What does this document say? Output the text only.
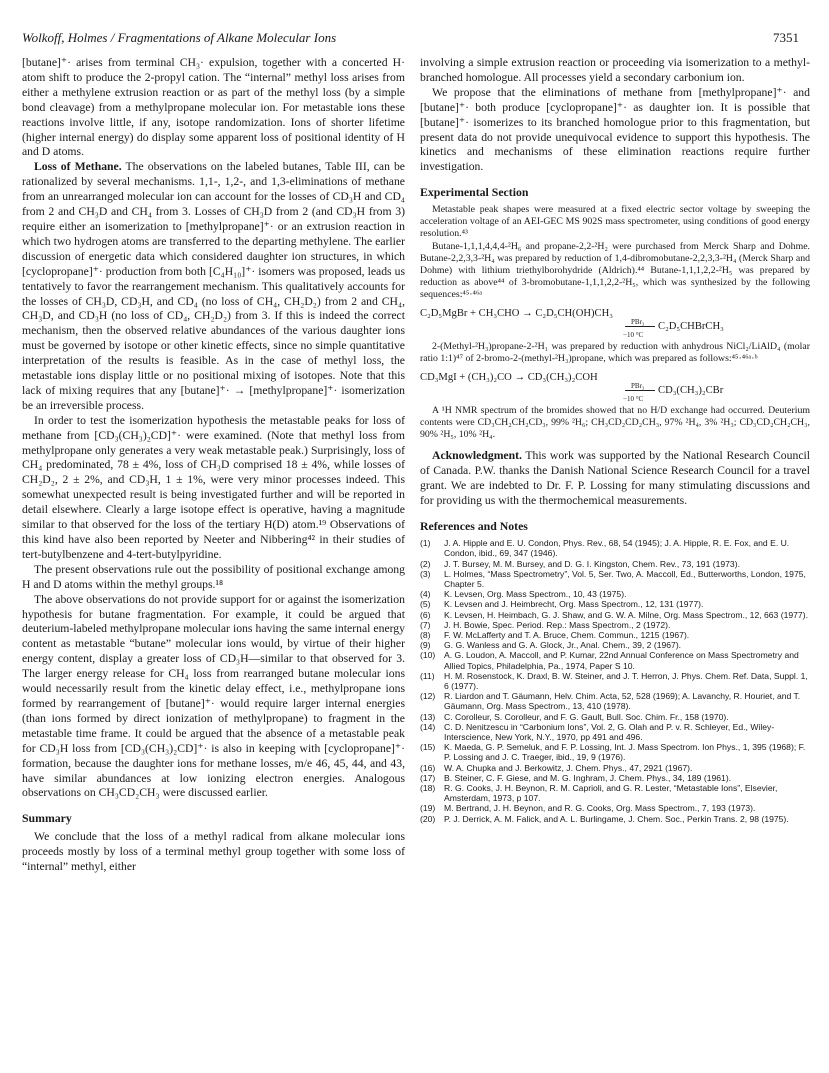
Wolkoff, Holmes / Fragmentations of Alkane Molecular Ions	7351

[butane]⁺· arises from terminal CH₃· expulsion, together with a concerted H· atom shift to produce the 2-propyl cation. The “internal” methyl loss arises from either a methylene extrusion reaction or as part of the methyl loss (by a simple bond cleavage) from a methylpropane molecular ion. For metastable ions these reactions involve little, if any, isotope randomization. Ions of shorter lifetime (higher internal energy) do display some apparent loss of positional identity of H and D atoms.

Loss of Methane. The observations on the labeled butanes, Table III, can be rationalized by several mechanisms. 1,1-, 1,2-, and 1,3-eliminations of methane from an unrearranged molecular ion can account for the losses of CD₃H and CD₄ from 2 and CH₃D and CH₄ from 3. Losses of CH₃D from 2 (and CD₃H from 3) require either an isomerization to [methylpropane]⁺· or an extrusion reaction in which two hydrogen atoms are transferred to the departing methylene. The earlier discussion of energetic data which considered daughter ion structures, in which [cyclopropane]⁺· production from both [C₄H₁₀]⁺· isomers was proposed, leads us tentatively to favor the rearrangement mechanism. This qualitatively accounts for the losses of CH₃D, CD₃H, and CD₄ (no loss of CH₄, CH₂D₂) from 2 and CH₄, CH₃D, and CD₃H (no loss of CD₄, CH₂D₂) from 3. If this is indeed the correct mechanism, then the observed relative abundances of the various daughter ions must be governed by isotope or other kinetic effects, since no simple quantitative interpretation of the results is feasible. As in the case of methyl loss, the metastable ions display little or no positional mixing of isotopes. Note that this lack of mixing requires that any [butane]⁺· → [methylpropane]⁺· isomerization be an irreversible process.

In order to test the isomerization hypothesis the metastable peaks for loss of methane from [CD₃(CH₃)₂CD]⁺· were examined. (Note that methyl loss from methylpropane only generates a very weak metastable peak.) Surprisingly, loss of CH₄ predominated, 78 ± 4%, loss of CH₃D comprised 18 ± 4%, while losses of CH₂D₂, 2 ± 2%, and CD₃H, 1 ± 1%, were very minor processes indeed. This somewhat unexpected result is being investigated further and will be reported in detail elsewhere. Clearly a large isotope effect is operative, having a magnitude similar to that observed for the loss of the tertiary H(D) atom.¹⁹ Observations of this kind have also been reported by Neeter and Nibbering⁴² in their studies of tert-butylbenzene and 4-tert-butylpyridine.

The present observations rule out the possibility of positional exchange among H and D atoms within the methyl groups.¹⁸

The above observations do not provide support for or against the isomerization hypothesis for butane fragmentation. For example, it could be argued that deuterium-labeled methylpropane molecular ions having the same internal energy content as metastable “butane” molecular ions would, by virtue of their higher energy content, display a greater loss of CD₃H—similar to that observed for 3. The larger energy release for CH₄ loss from rearranged butane molecular ions would necessarily result from the kinetic delay effect, i.e., methylpropane ions formed by rearrangement of [butane]⁺· would require larger internal energies (than ions formed by direct ionization of methylpropane) to fragment in the metastable time frame. It could be argued that the absence of a metastable peak for CD₃H loss from [CD₃(CH₃)₂CD]⁺· is also in keeping with [cyclopropane]⁺· formation, because the daughter ions for methane losses, m/e 46, 45, 44, and 43, have similar abundances at low ionizing electron energies. Analogous observations on CH₃CD₂CH₃ were discussed earlier.

Summary

We conclude that the loss of a methyl radical from alkane molecular ions proceeds mostly by loss of a terminal methyl group together with some loss of “internal” methyl, either

involving a simple extrusion reaction or proceeding via isomerization to a methyl-branched homologue. All processes yield a secondary carbonium ion.

We propose that the eliminations of methane from [methylpropane]⁺· and [butane]⁺· both produce [cyclopropane]⁺· as daughter ion. It is possible that [butane]⁺· isomerizes to its branched homologue prior to this fragmentation, but present data do not provide unequivocal evidence to support this hypothesis. The kinetics and mechanisms of these elimination reactions require further investigation.

Experimental Section

Metastable peak shapes were measured at a fixed electric sector voltage by sweeping the acceleration voltage of an AEI-GEC MS 902S mass spectrometer, using conditions of good energy resolution.⁴³

Butane-1,1,1,4,4,4-²H₆ and propane-2,2-²H₂ were purchased from Merck Sharp and Dohme. Butane-2,2,3,3-²H₄ was prepared by reduction of 1,4-dibromobutane-2,2,3,3-²H₄ (Merck Sharp and Dohme) with lithium triethylborohydride (Aldrich).⁴⁴ Butane-1,1,1,2,2-²H₅ was prepared by reduction as above⁴⁴ of 3-bromobutane-1,1,1,2,2-²H₅, which was synthesized by the following sequences:⁴⁵·⁴⁶ᵃ

C₂D₅MgBr + CH₃CHO → C₂D₅CH(OH)CH₃
PBr₃
−10 °C
C₂D₅CHBrCH₃

2-(Methyl-²H₃)propane-2-²H₁ was prepared by reduction with anhydrous NiCl₂/LiAlD₄ (molar ratio 1:1)⁴⁷ of 2-bromo-2-(methyl-²H₃)propane, which was prepared as follows:⁴⁵·⁴⁶ᵃ·ᵇ

CD₃MgI + (CH₃)₂CO → CD₃(CH₃)₂COH
PBr₃
−10 °C
CD₃(CH₃)₂CBr

A ¹H NMR spectrum of the bromides showed that no H/D exchange had occurred. Deuterium contents were CD₃CH₂CH₂CD₃, 99% ²H₆; CH₃CD₂CD₂CH₃, 97% ²H₄, 3% ²H₃; CD₃CD₂CH₂CH₃, 90% ²H₅, 10% ²H₄.

Acknowledgment. This work was supported by the National Research Council of Canada. P.W. thanks the Danish National Science Research Council for a travel grant. We are indebted to Dr. F. P. Lossing for many stimulating discussions and for providing us with the thermochemical measurements.

References and Notes
(1) J. A. Hipple and E. U. Condon, Phys. Rev., 68, 54 (1945); J. A. Hipple, R. E. Fox, and E. U. Condon, ibid., 69, 347 (1946).
(2) J. T. Bursey, M. M. Bursey, and D. G. I. Kingston, Chem. Rev., 73, 191 (1973).
(3) L. Holmes, “Mass Spectrometry”, Vol. 5, Ser. Two, A. Maccoll, Ed., Butterworths, London, 1975, Chapter 5.
(4) K. Levsen, Org. Mass Spectrom., 10, 43 (1975).
(5) K. Levsen and J. Heimbrecht, Org. Mass Spectrom., 12, 131 (1977).
(6) K. Levsen, H. Heimbach, G. J. Shaw, and G. W. A. Milne, Org. Mass Spectrom., 12, 663 (1977).
(7) J. H. Bowie, Spec. Period. Rep.: Mass Spectrom., 2 (1972).
(8) F. W. McLafferty and T. A. Bruce, Chem. Commun., 1215 (1967).
(9) G. G. Wanless and G. A. Glock, Jr., Anal. Chem., 39, 2 (1967).
(10) A. G. Loudon, A. Maccoll, and P. Kumar, 22nd Annual Conference on Mass Spectrometry and Allied Topics, Philadelphia, Pa., 1974, Paper S 10.
(11) H. M. Rosenstock, K. Draxl, B. W. Steiner, and J. T. Herron, J. Phys. Chem. Ref. Data, Suppl. 1, 6 (1977).
(12) R. Liardon and T. Gäumann, Helv. Chim. Acta, 52, 528 (1969); A. Lavanchy, R. Houriet, and T. Gäumann, Org. Mass Spectrom., 13, 410 (1978).
(13) C. Corolleur, S. Corolleur, and F. G. Gault, Bull. Soc. Chim. Fr., 158 (1970).
(14) C. D. Nenitzescu in “Carbonium Ions”, Vol. 2, G. Olah and P. v. R. Schleyer, Ed., Wiley-Interscience, New York, N.Y., 1970, pp 491 and 496.
(15) K. Maeda, G. P. Semeluk, and F. P. Lossing, Int. J. Mass Spectrom. Ion Phys., 1, 395 (1968); F. P. Lossing and J. C. Traeger, ibid., 19, 9 (1976).
(16) W. A. Chupka and J. Berkowitz, J. Chem. Phys., 47, 2921 (1967).
(17) B. Steiner, C. F. Giese, and M. G. Inghram, J. Chem. Phys., 34, 189 (1961).
(18) R. G. Cooks, J. H. Beynon, R. M. Caprioli, and G. R. Lester, “Metastable Ions”, Elsevier, Amsterdam, 1973, p 107.
(19) M. Bertrand, J. H. Beynon, and R. G. Cooks, Org. Mass Spectrom., 7, 193 (1973).
(20) P. J. Derrick, A. M. Falick, and A. L. Burlingame, J. Chem. Soc., Perkin Trans. 2, 98 (1975).
